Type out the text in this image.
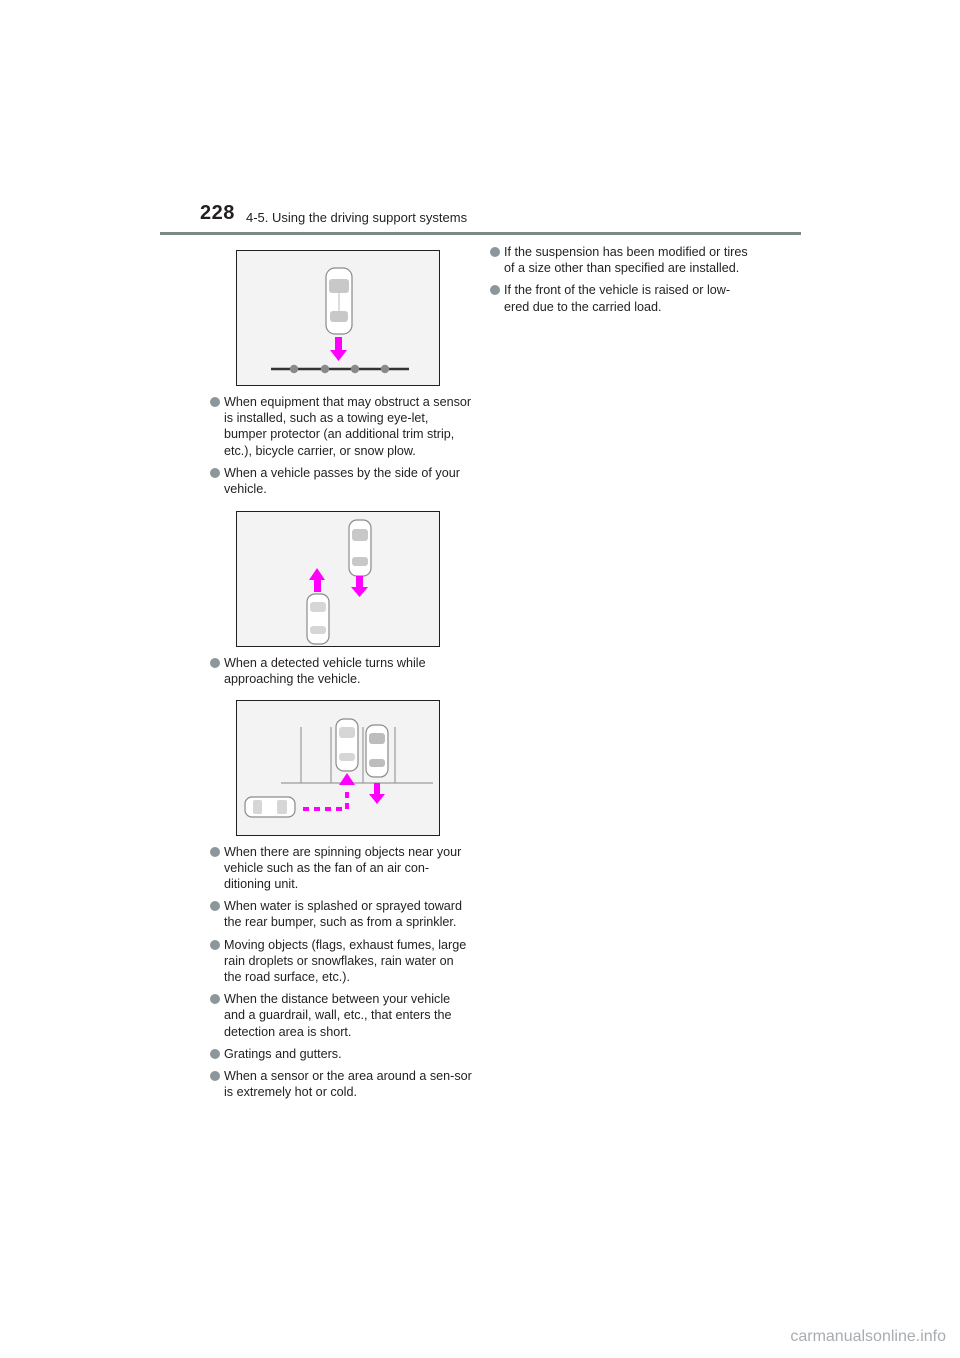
228 4-5. Using the driving support systems
When equipment that may obstruct a sensor is installed, such as a towing eye-let, bumper protector (an additional trim strip, etc.), bicycle carrier, or snow plow.
When a vehicle passes by the side of your vehicle.
When a detected vehicle turns while approaching the vehicle.
When there are spinning objects near your vehicle such as the fan of an air con-ditioning unit.
When water is splashed or sprayed toward the rear bumper, such as from a sprinkler.
Moving objects (flags, exhaust fumes, large rain droplets or snowflakes, rain water on the road surface, etc.).
When the distance between your vehicle and a guardrail, wall, etc., that enters the detection area is short.
Gratings and gutters.
When a sensor or the area around a sen-sor is extremely hot or cold.
If the suspension has been modified or tires of a size other than specified are installed.
If the front of the vehicle is raised or low-ered due to the carried load.
carmanualsonline.info
